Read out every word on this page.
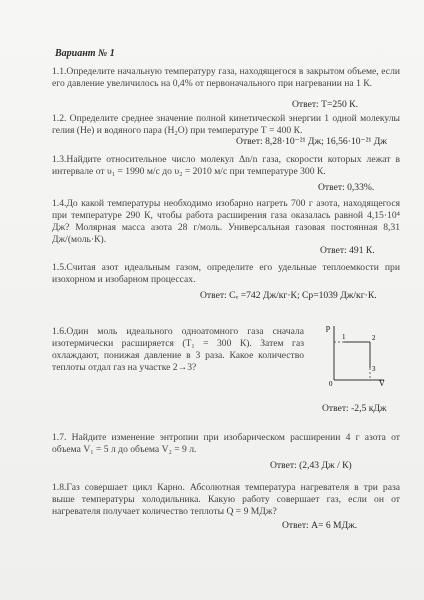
Вариант № 1
1.1.Определите начальную температуру газа, находящегося в закрытом объеме, если его давление увеличилось на 0,4% от первоначального при нагревании на 1 К.
Ответ: Т=250 К.
1.2. Определите среднее значение полной кинетической энергии 1 одной молекулы гелия (Не) и водяного пара (Н₂О) при температуре Т = 400 К.
Ответ: 8,28·10⁻²¹ Дж; 16,56·10⁻²¹ Дж
1.3.Найдите относительное число молекул Δn/n газа, скорости которых лежат в интервале от υ₁ = 1990 м/с до υ₂ = 2010 м/с при температуре 300 К.
Ответ: 0,33%.
1.4.До какой температуры необходимо изобарно нагреть 700 г азота, находящегося при температуре 290 К, чтобы работа расширения газа оказалась равной 4,15·10⁴ Дж? Молярная масса азота 28 г/моль. Универсальная газовая постоянная 8,31 Дж/(моль·К).
Ответ: 491 К.
1.5.Считая азот идеальным газом, определите его удельные теплоемкости при изохорном и изобарном процессах.
Ответ: Сᵥ =742 Дж/кг·К; Сp=1039 Дж/кг·К.
1.6.Один моль идеального одноатомного газа сначала изотермически расширяется (T₁ = 300 К). Затем газ охлаждают, понижая давление в 3 раза. Какое количество теплоты отдал газ на участке 2→3?
p
V
0
1	2
3
Ответ: -2,5 кДж
1.7. Найдите изменение энтропии при изобарическом расширении 4 г азота от объема V₁ = 5 л до объема V₂ = 9 л.
Ответ: (2,43 Дж / К)
1.8.Газ совершает цикл Карно. Абсолютная температура нагревателя в три раза выше температуры холодильника. Какую работу совершает газ, если он от нагревателя получает количество теплоты Q = 9 МДж?
Ответ: А= 6 МДж.
